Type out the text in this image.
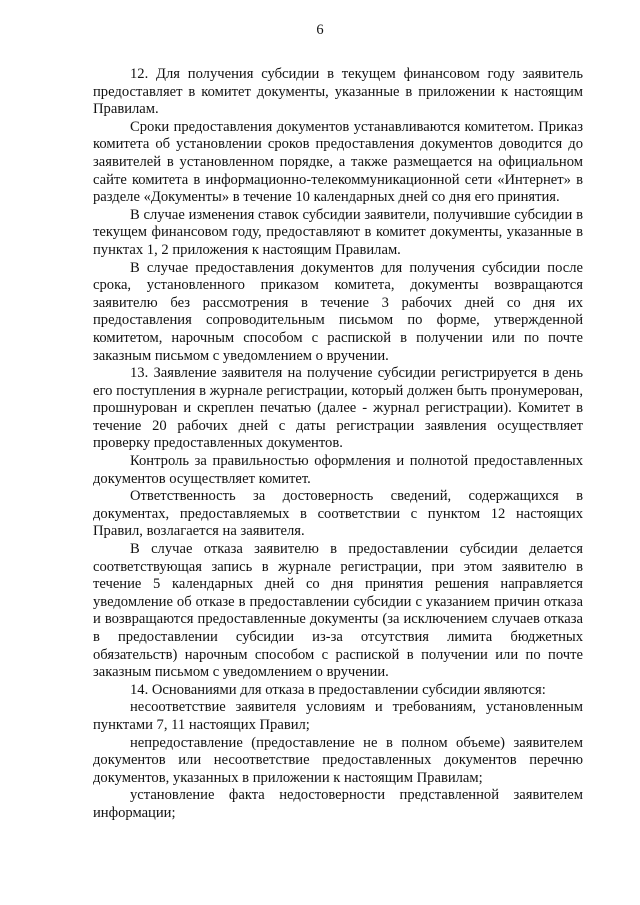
6

12. Для получения субсидии в текущем финансовом году заявитель предоставляет в комитет документы, указанные в приложении к настоящим Правилам.

Сроки предоставления документов устанавливаются комитетом. Приказ комитета об установлении сроков предоставления документов доводится до заявителей в установленном порядке, а также размещается на официальном сайте комитета в информационно-телекоммуникационной сети «Интернет» в разделе «Документы» в течение 10 календарных дней со дня его принятия.

В случае изменения ставок субсидии заявители, получившие субсидии в текущем финансовом году, предоставляют в комитет документы, указанные в пунктах 1, 2 приложения к настоящим Правилам.

В случае предоставления документов для получения субсидии после срока, установленного приказом комитета, документы возвращаются заявителю без рассмотрения в течение 3 рабочих дней со дня их предоставления сопроводительным письмом по форме, утвержденной комитетом, нарочным способом с распиской в получении или по почте заказным письмом с уведомлением о вручении.

13. Заявление заявителя на получение субсидии регистрируется в день его поступления в журнале регистрации, который должен быть пронумерован, прошнурован и скреплен печатью (далее - журнал регистрации). Комитет в течение 20 рабочих дней с даты регистрации заявления осуществляет проверку предоставленных документов.

Контроль за правильностью оформления и полнотой предоставленных документов осуществляет комитет.

Ответственность за достоверность сведений, содержащихся в документах, предоставляемых в соответствии с пунктом 12 настоящих Правил, возлагается на заявителя.

В случае отказа заявителю в предоставлении субсидии делается соответствующая запись в журнале регистрации, при этом заявителю в течение 5 календарных дней со дня принятия решения направляется уведомление об отказе в предоставлении субсидии с указанием причин отказа и возвращаются предоставленные документы (за исключением случаев отказа в предоставлении субсидии из-за отсутствия лимита бюджетных обязательств) нарочным способом с распиской в получении или по почте заказным письмом с уведомлением о вручении.

14. Основаниями для отказа в предоставлении субсидии являются:

несоответствие заявителя условиям и требованиям, установленным пунктами 7, 11 настоящих Правил;

непредоставление (предоставление не в полном объеме) заявителем документов или несоответствие предоставленных документов перечню документов, указанных в приложении к настоящим Правилам;

установление факта недостоверности представленной заявителем информации;
